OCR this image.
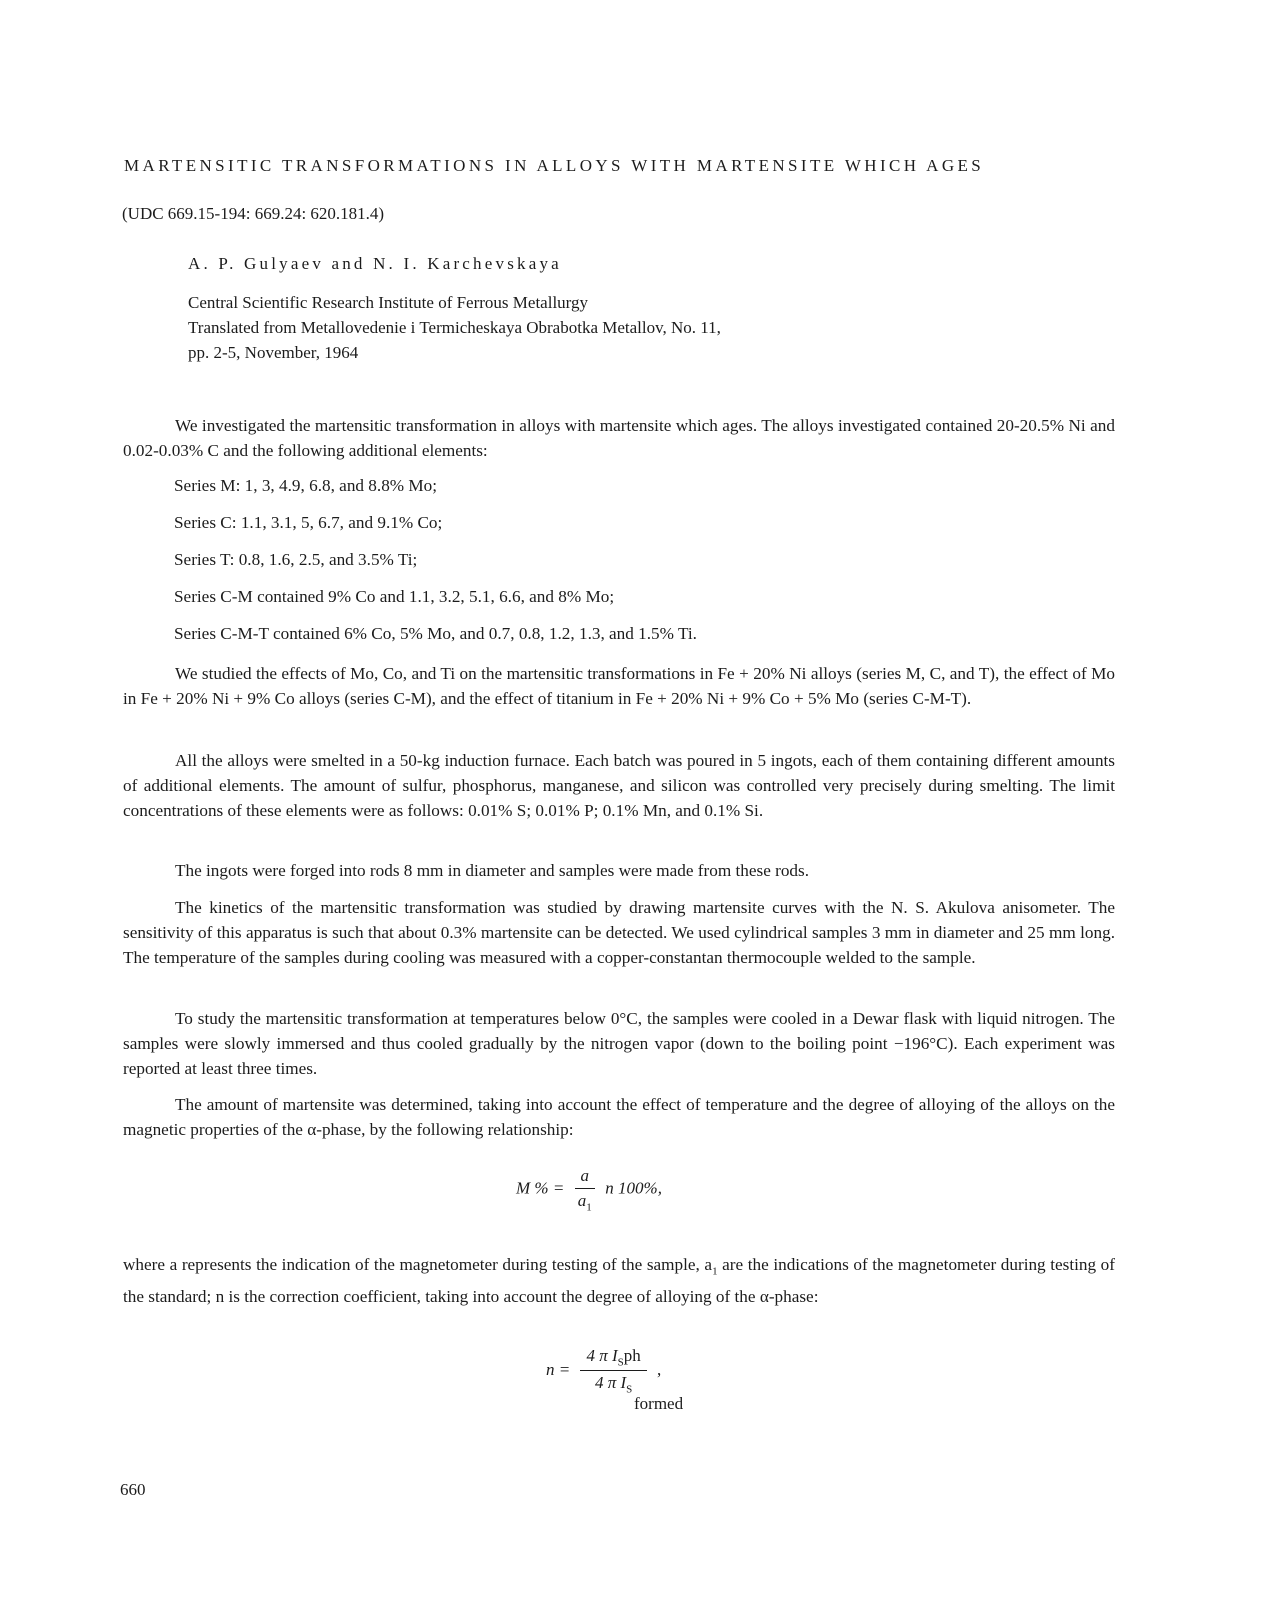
MARTENSITIC TRANSFORMATIONS IN ALLOYS WITH MARTENSITE WHICH AGES
(UDC 669.15-194: 669.24: 620.181.4)
A. P. Gulyaev and N. I. Karchevskaya
Central Scientific Research Institute of Ferrous Metallurgy
Translated from Metallovedenie i Termicheskaya Obrabotka Metallov, No. 11,
pp. 2-5, November, 1964

We investigated the martensitic transformation in alloys with martensite which ages. The alloys investigated contained 20-20.5% Ni and 0.02-0.03% C and the following additional elements:

Series M: 1, 3, 4.9, 6.8, and 8.8% Mo;
Series C: 1.1, 3.1, 5, 6.7, and 9.1% Co;
Series T: 0.8, 1.6, 2.5, and 3.5% Ti;
Series C-M contained 9% Co and 1.1, 3.2, 5.1, 6.6, and 8% Mo;
Series C-M-T contained 6% Co, 5% Mo, and 0.7, 0.8, 1.2, 1.3, and 1.5% Ti.

We studied the effects of Mo, Co, and Ti on the martensitic transformations in Fe + 20% Ni alloys (series M, C, and T), the effect of Mo in Fe + 20% Ni + 9% Co alloys (series C-M), and the effect of titanium in Fe + 20% Ni + 9% Co + 5% Mo (series C-M-T).

All the alloys were smelted in a 50-kg induction furnace. Each batch was poured in 5 ingots, each of them containing different amounts of additional elements. The amount of sulfur, phosphorus, manganese, and silicon was controlled very precisely during smelting. The limit concentrations of these elements were as follows: 0.01% S; 0.01% P; 0.1% Mn, and 0.1% Si.

The ingots were forged into rods 8 mm in diameter and samples were made from these rods.

The kinetics of the martensitic transformation was studied by drawing martensite curves with the N. S. Akulova anisometer. The sensitivity of this apparatus is such that about 0.3% martensite can be detected. We used cylindrical samples 3 mm in diameter and 25 mm long. The temperature of the samples during cooling was measured with a copper-constantan thermocouple welded to the sample.

To study the martensitic transformation at temperatures below 0°C, the samples were cooled in a Dewar flask with liquid nitrogen. The samples were slowly immersed and thus cooled gradually by the nitrogen vapor (down to the boiling point −196°C). Each experiment was reported at least three times.

The amount of martensite was determined, taking into account the effect of temperature and the degree of alloying of the alloys on the magnetic properties of the α-phase, by the following relationship:

M % = $\frac{a}{a_1}$ n 100%,

where a represents the indication of the magnetometer during testing of the sample, $a_1$ are the indications of the magnetometer during testing of the standard; n is the correction coefficient, taking into account the degree of alloying of the α-phase:

$n = \frac{4 \pi I_Sph}{4 \pi I_S}$ ,
formed
660
